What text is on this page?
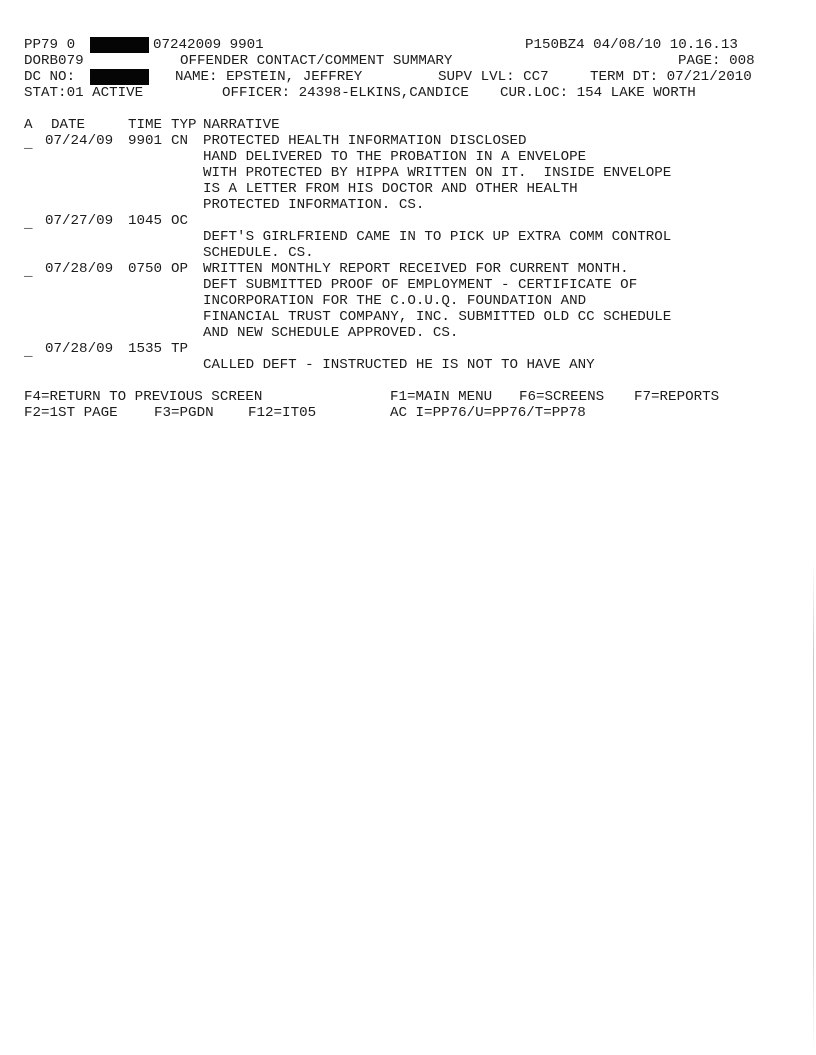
PP79 0	07242009 9901	P150BZ4 04/08/10 10.16.13
DORB079	OFFENDER CONTACT/COMMENT SUMMARY	PAGE: 008
DC NO:	NAME: EPSTEIN, JEFFREY	SUPV LVL: CC7	TERM DT: 07/21/2010
STAT:01 ACTIVE	OFFICER: 24398-ELKINS,CANDICE CUR.LOC: 154 LAKE WORTH
A DATE	TIME TYP NARRATIVE
_ 07/24/09 9901 CN PROTECTED HEALTH INFORMATION DISCLOSED
HAND DELIVERED TO THE PROBATION IN A ENVELOPE
WITH PROTECTED BY HIPPA WRITTEN ON IT.  INSIDE ENVELOPE
IS A LETTER FROM HIS DOCTOR AND OTHER HEALTH
PROTECTED INFORMATION. CS.
_ 07/27/09 1045 OC
DEFT'S GIRLFRIEND CAME IN TO PICK UP EXTRA COMM CONTROL
SCHEDULE. CS.
_ 07/28/09 0750 OP WRITTEN MONTHLY REPORT RECEIVED FOR CURRENT MONTH.
DEFT SUBMITTED PROOF OF EMPLOYMENT - CERTIFICATE OF
INCORPORATION FOR THE C.O.U.Q. FOUNDATION AND
FINANCIAL TRUST COMPANY, INC. SUBMITTED OLD CC SCHEDULE
AND NEW SCHEDULE APPROVED. CS.
_ 07/28/09 1535 TP
CALLED DEFT - INSTRUCTED HE IS NOT TO HAVE ANY
F4=RETURN TO PREVIOUS SCREEN	F1=MAIN MENU F6=SCREENS F7=REPORTS
F2=1ST PAGE	F3=PGDN F12=IT05	AC I=PP76/U=PP76/T=PP78
